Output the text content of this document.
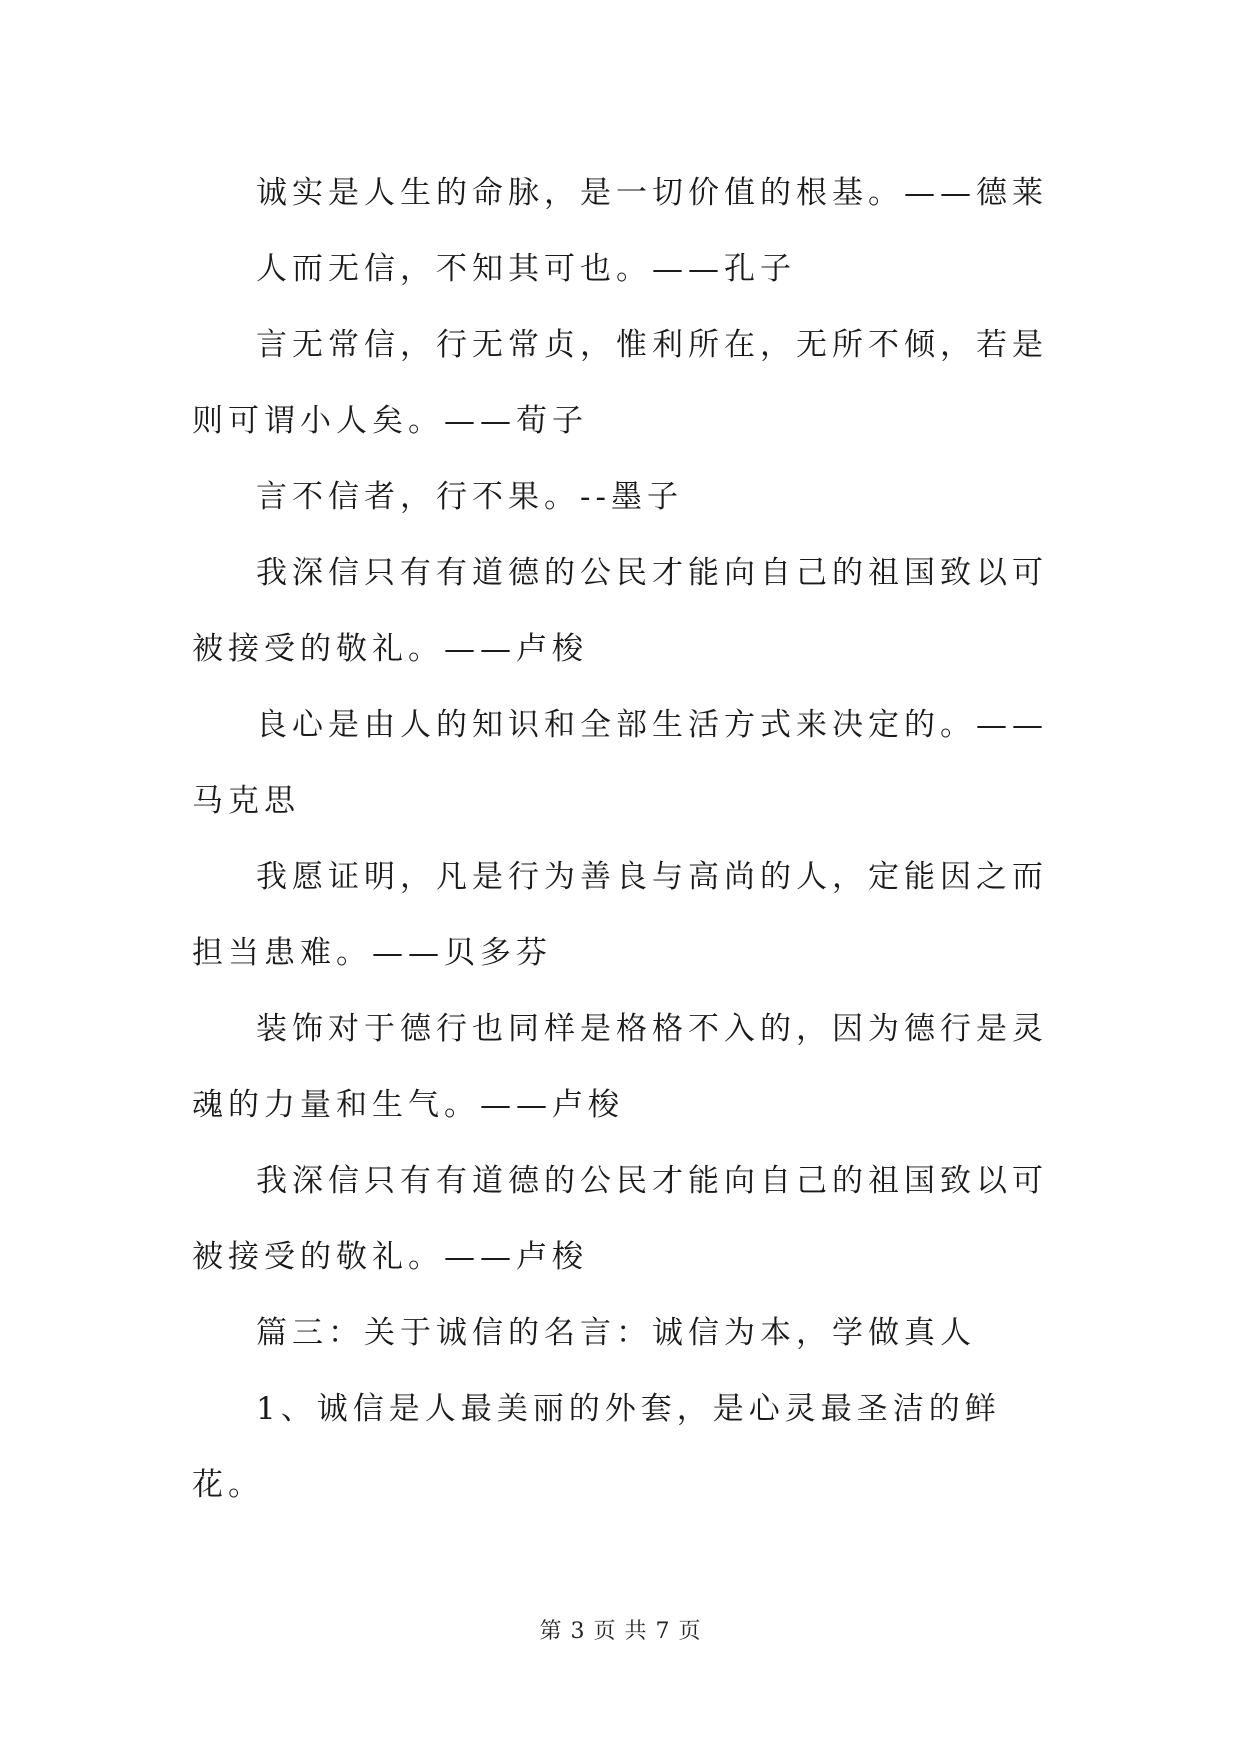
诚实是人生的命脉，是一切价值的根基。——德莱

人而无信，不知其可也。——孔子

言无常信，行无常贞，惟利所在，无所不倾，若是则可谓小人矣。——荀子

言不信者，行不果。--墨子

我深信只有有道德的公民才能向自己的祖国致以可被接受的敬礼。——卢梭

良心是由人的知识和全部生活方式来决定的。——马克思

我愿证明，凡是行为善良与高尚的人，定能因之而担当患难。——贝多芬

装饰对于德行也同样是格格不入的，因为德行是灵魂的力量和生气。——卢梭

我深信只有有道德的公民才能向自己的祖国致以可被接受的敬礼。——卢梭

篇三：关于诚信的名言：诚信为本，学做真人

1、诚信是人最美丽的外套，是心灵最圣洁的鲜花。

第 3 页 共 7 页
